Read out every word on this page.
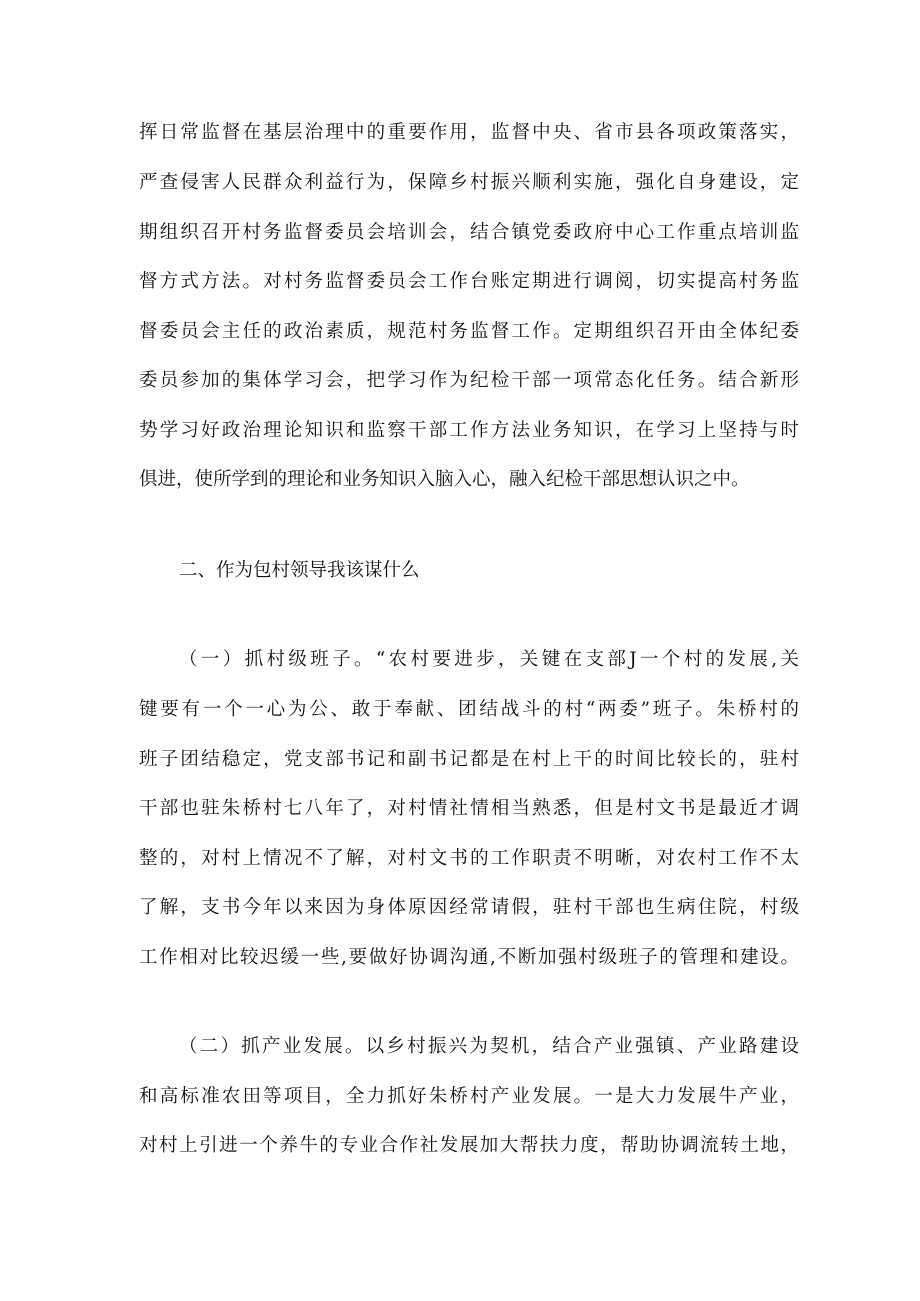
挥日常监督在基层治理中的重要作用，监督中央、省市县各项政策落实，
严查侵害人民群众利益行为，保障乡村振兴顺利实施，强化自身建设，定
期组织召开村务监督委员会培训会，结合镇党委政府中心工作重点培训监
督方式方法。对村务监督委员会工作台账定期进行调阅，切实提高村务监
督委员会主任的政治素质，规范村务监督工作。定期组织召开由全体纪委
委员参加的集体学习会，把学习作为纪检干部一项常态化任务。结合新形
势学习好政治理论知识和监察干部工作方法业务知识，在学习上坚持与时
俱进，使所学到的理论和业务知识入脑入心，融入纪检干部思想认识之中。
二、作为包村领导我该谋什么
（一）抓村级班子。“农村要进步，关键在支部J一个村的发展,关
键要有一个一心为公、敢于奉献、团结战斗的村“两委”班子。朱桥村的
班子团结稳定，党支部书记和副书记都是在村上干的时间比较长的，驻村
干部也驻朱桥村七八年了，对村情社情相当熟悉，但是村文书是最近才调
整的，对村上情况不了解，对村文书的工作职责不明晰，对农村工作不太
了解，支书今年以来因为身体原因经常请假，驻村干部也生病住院，村级
工作相对比较迟缓一些,要做好协调沟通,不断加强村级班子的管理和建设。
（二）抓产业发展。以乡村振兴为契机，结合产业强镇、产业路建设
和高标准农田等项目，全力抓好朱桥村产业发展。一是大力发展牛产业，
对村上引进一个养牛的专业合作社发展加大帮扶力度，帮助协调流转土地，
